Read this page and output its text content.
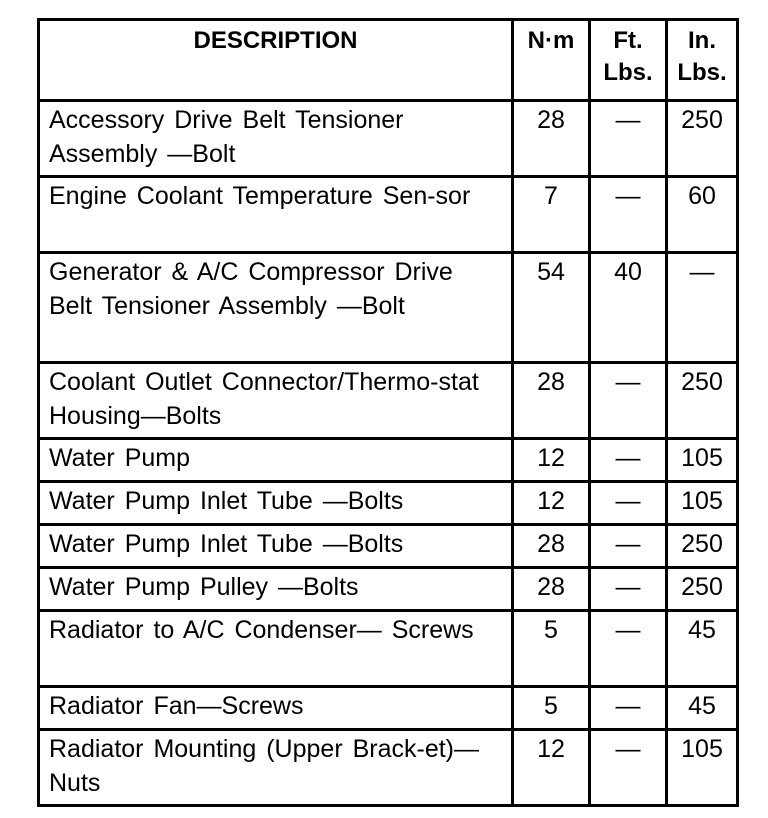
DESCRIPTION	N·m	Ft. Lbs.	In. Lbs.
Accessory Drive Belt Tensioner Assembly —Bolt	28	—	250
Engine Coolant Temperature Sen-sor	7	—	60
Generator & A/C Compressor Drive Belt Tensioner Assembly —Bolt	54	40	—
Coolant Outlet Connector/Thermo-stat Housing—Bolts	28	—	250
Water Pump	12	—	105
Water Pump Inlet Tube —Bolts	12	—	105
Water Pump Inlet Tube —Bolts	28	—	250
Water Pump Pulley —Bolts	28	—	250
Radiator to A/C Condenser— Screws	5	—	45
Radiator Fan—Screws	5	—	45
Radiator Mounting (Upper Brack-et)—Nuts	12	—	105
